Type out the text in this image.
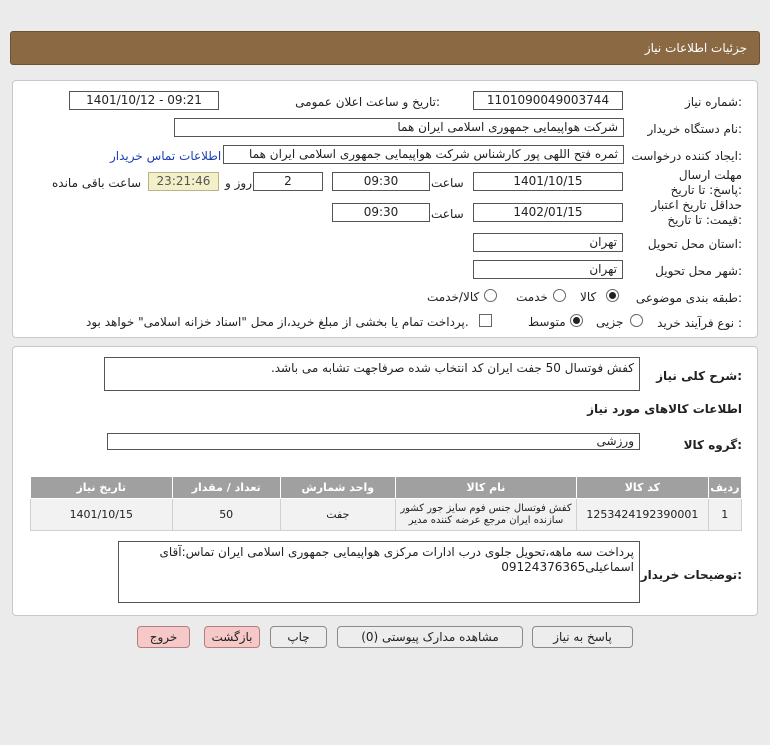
جزئیات اطلاعات نیاز
شماره نیاز:
1101090049003744
تاریخ و ساعت اعلان عمومی:
1401/10/12 - 09:21
نام دستگاه خریدار:
شرکت هواپیمایی جمهوری اسلامی ایران هما
ایجاد کننده درخواست:
ثمره فتح اللهی پور کارشناس شرکت هواپیمایی جمهوری اسلامی ایران هما
اطلاعات تماس خریدار
مهلت ارسال پاسخ: تا تاریخ:
1401/10/15
ساعت
09:30
2
روز و
23:21:46
ساعت باقی مانده
حداقل تاریخ اعتبار قیمت: تا تاریخ:
1402/01/15
ساعت
09:30
استان محل تحویل:
تهران
شهر محل تحویل:
تهران
طبقه بندی موضوعی:
کالا
خدمت
کالا/خدمت
نوع فرآیند خرید :
جزیی
متوسط
پرداخت تمام یا بخشی از مبلغ خرید،از محل "اسناد خزانه اسلامی" خواهد بود.
شرح کلی نیاز:
کفش فوتسال 50 جفت ایران کد انتخاب شده صرفاجهت تشابه می باشد.
اطلاعات کالاهای مورد نیاز
گروه کالا:
ورزشی
ردیف	کد کالا	نام کالا	واحد شمارش	تعداد / مقدار	تاریخ نیاز
1	1253424192390001	کفش فوتسال جنس فوم سایز جور کشور سازنده ایران مرجع عرضه کننده مدیر	جفت	50	1401/10/15
توضیحات خریدار:
پرداخت سه ماهه،تحویل جلوی درب ادارات مرکزی هواپیمایی جمهوری اسلامی ایران تماس:آقای اسماعیلی09124376365
پاسخ به نیاز
مشاهده مدارک پیوستی (0)
چاپ
بازگشت
خروج
